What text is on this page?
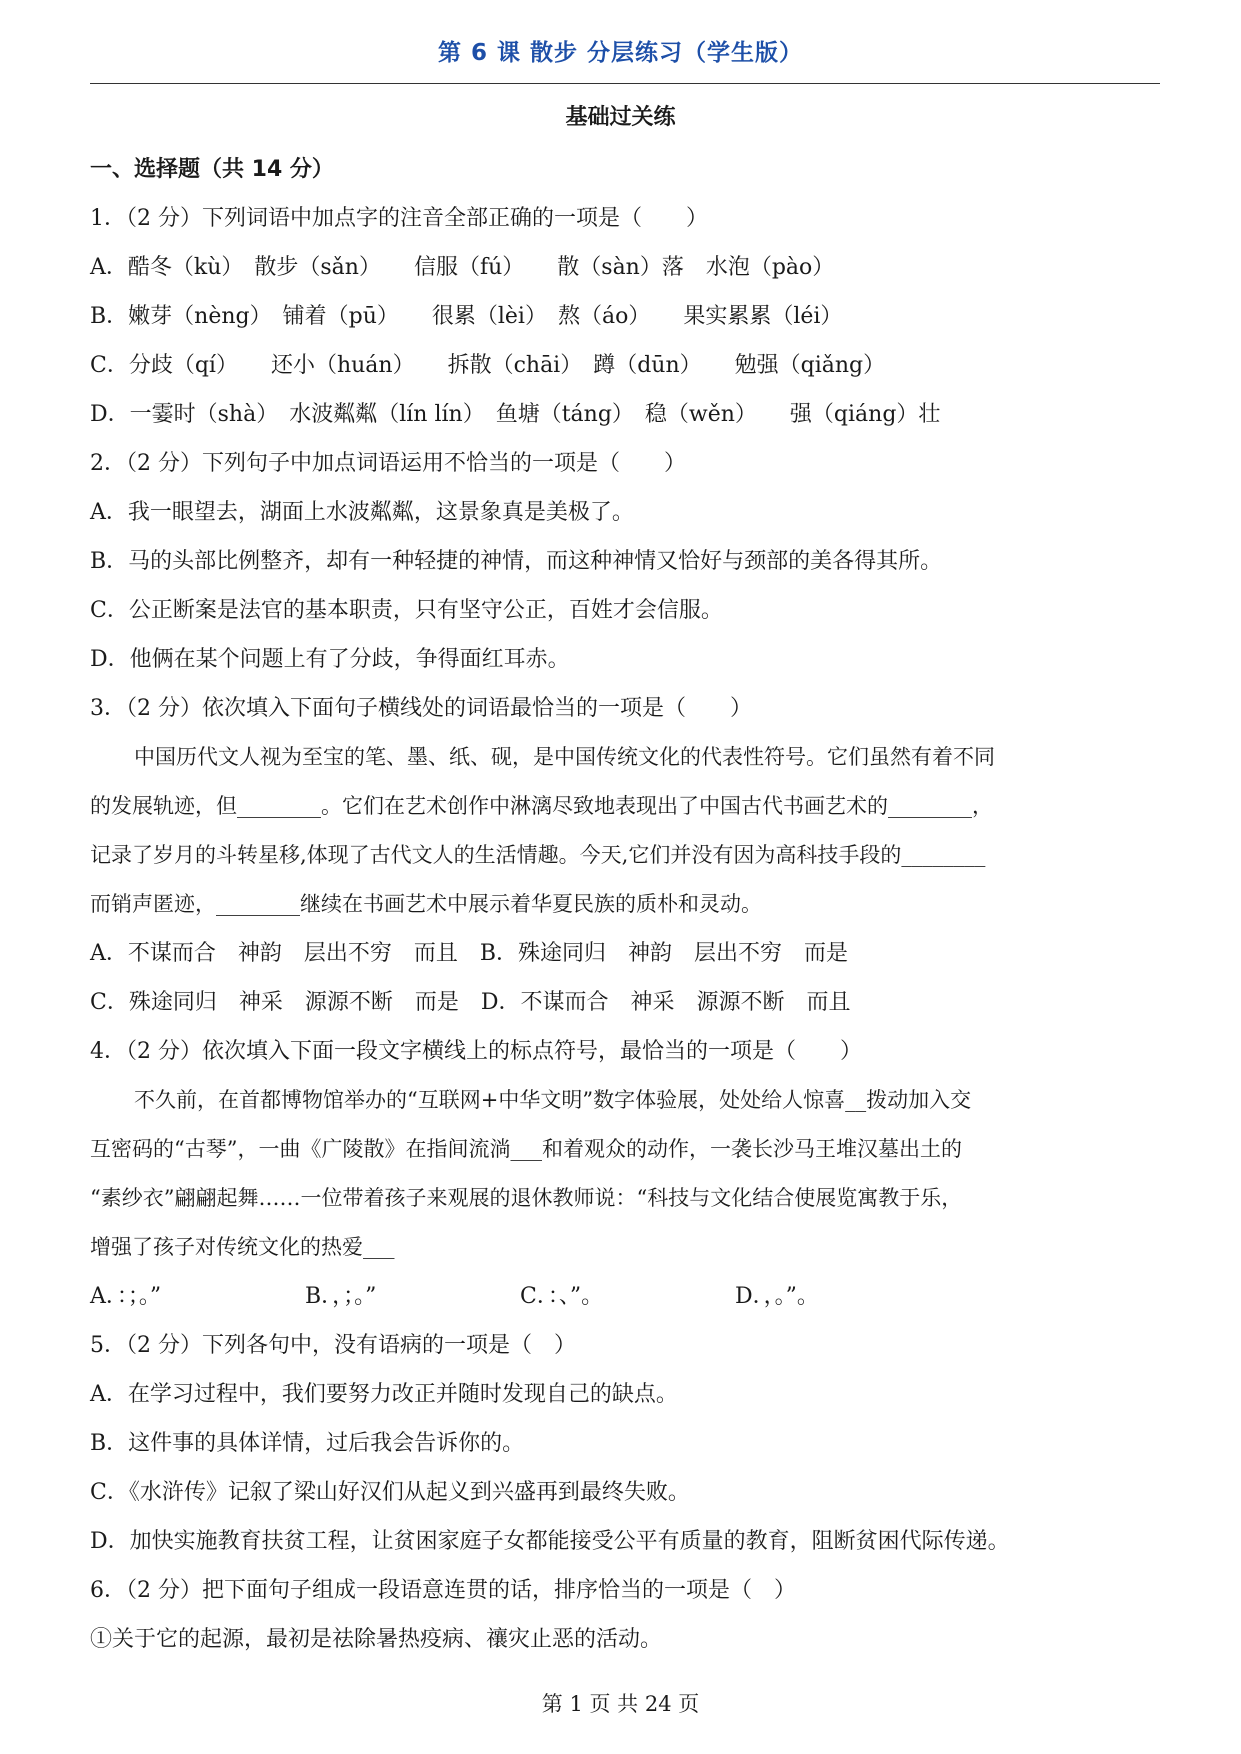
第 6 课 散步 分层练习（学生版）
基础过关练
一、选择题（共 14 分）
1．（2 分）下列词语中加点字的注音全部正确的一项是（　　）
A．酷冬（kù）　散步（sǎn）　　信服（fú）　　散（sàn）落　水泡（pào）
B．嫩芽（nèng）　铺着（pū）　　很累（lèi）　熬（áo）　　果实累累（léi）
C．分歧（qí）　　还小（huán）　　拆散（chāi）　蹲（dūn）　　勉强（qiǎng）
D．一霎时（shà）　水波粼粼（lín lín）　鱼塘（táng）　稳（wěn）　　强（qiáng）壮
2．（2 分）下列句子中加点词语运用不恰当的一项是（　　）
A．我一眼望去，湖面上水波粼粼，这景象真是美极了。
B．马的头部比例整齐，却有一种轻捷的神情，而这种神情又恰好与颈部的美各得其所。
C．公正断案是法官的基本职责，只有坚守公正，百姓才会信服。
D．他俩在某个问题上有了分歧，争得面红耳赤。
3．（2 分）依次填入下面句子横线处的词语最恰当的一项是（　　）
中国历代文人视为至宝的笔、墨、纸、砚，是中国传统文化的代表性符号。它们虽然有着不同
的发展轨迹，但________。它们在艺术创作中淋漓尽致地表现出了中国古代书画艺术的________，
记录了岁月的斗转星移,体现了古代文人的生活情趣。今天,它们并没有因为高科技手段的________
而销声匿迹，________继续在书画艺术中展示着华夏民族的质朴和灵动。
A．不谋而合　神韵　层出不穷　而且　B．殊途同归　神韵　层出不穷　而是
C．殊途同归　神采　源源不断　而是　D．不谋而合　神采　源源不断　而且
4．（2 分）依次填入下面一段文字横线上的标点符号，最恰当的一项是（　　）
不久前，在首都博物馆举办的“互联网+中华文明”数字体验展，处处给人惊喜__拨动加入交
互密码的“古琴”，一曲《广陵散》在指间流淌___和着观众的动作，一袭长沙马王堆汉墓出土的
“素纱衣”翩翩起舞……一位带着孩子来观展的退休教师说：“科技与文化结合使展览寓教于乐，
增强了孩子对传统文化的热爱___
A．：；。”	B．，；。”	C．：、”。	D．，。”。
5．（2 分）下列各句中，没有语病的一项是（　）
A．在学习过程中，我们要努力改正并随时发现自己的缺点。
B．这件事的具体详情，过后我会告诉你的。
C．《水浒传》记叙了梁山好汉们从起义到兴盛再到最终失败。
D．加快实施教育扶贫工程，让贫困家庭子女都能接受公平有质量的教育，阻断贫困代际传递。
6．（2 分）把下面句子组成一段语意连贯的话，排序恰当的一项是（　）
①关于它的起源，最初是祛除暑热疫病、禳灾止恶的活动。
第 1 页 共 24 页
